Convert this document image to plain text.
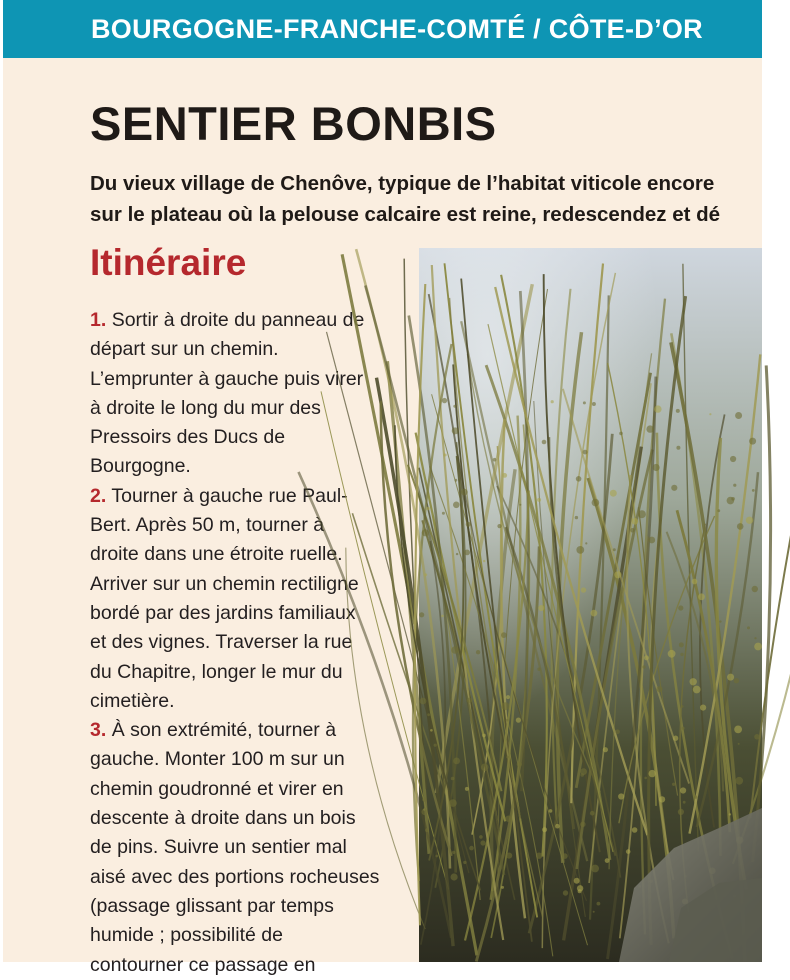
BOURGOGNE-FRANCHE-COMTÉ / CÔTE-D’OR
SENTIER BONBIS
Du vieux village de Chenôve, typique de l’habitat viticole encore
sur le plateau où la pelouse calcaire est reine, redescendez et dé
Itinéraire
1. Sortir à droite du panneau de
départ sur un chemin.
L’emprunter à gauche puis virer
à droite le long du mur des
Pressoirs des Ducs de
Bourgogne.
2. Tourner à gauche rue Paul-
Bert. Après 50 m, tourner à
droite dans une étroite ruelle.
Arriver sur un chemin rectiligne
bordé par des jardins familiaux
et des vignes. Traverser la rue
du Chapitre, longer le mur du
cimetière.
3. À son extrémité, tourner à
gauche. Monter 100 m sur un
chemin goudronné et virer en
descente à droite dans un bois
de pins. Suivre un sentier mal
aisé avec des portions rocheuses
(passage glissant par temps
humide ; possibilité de
contourner ce passage en
